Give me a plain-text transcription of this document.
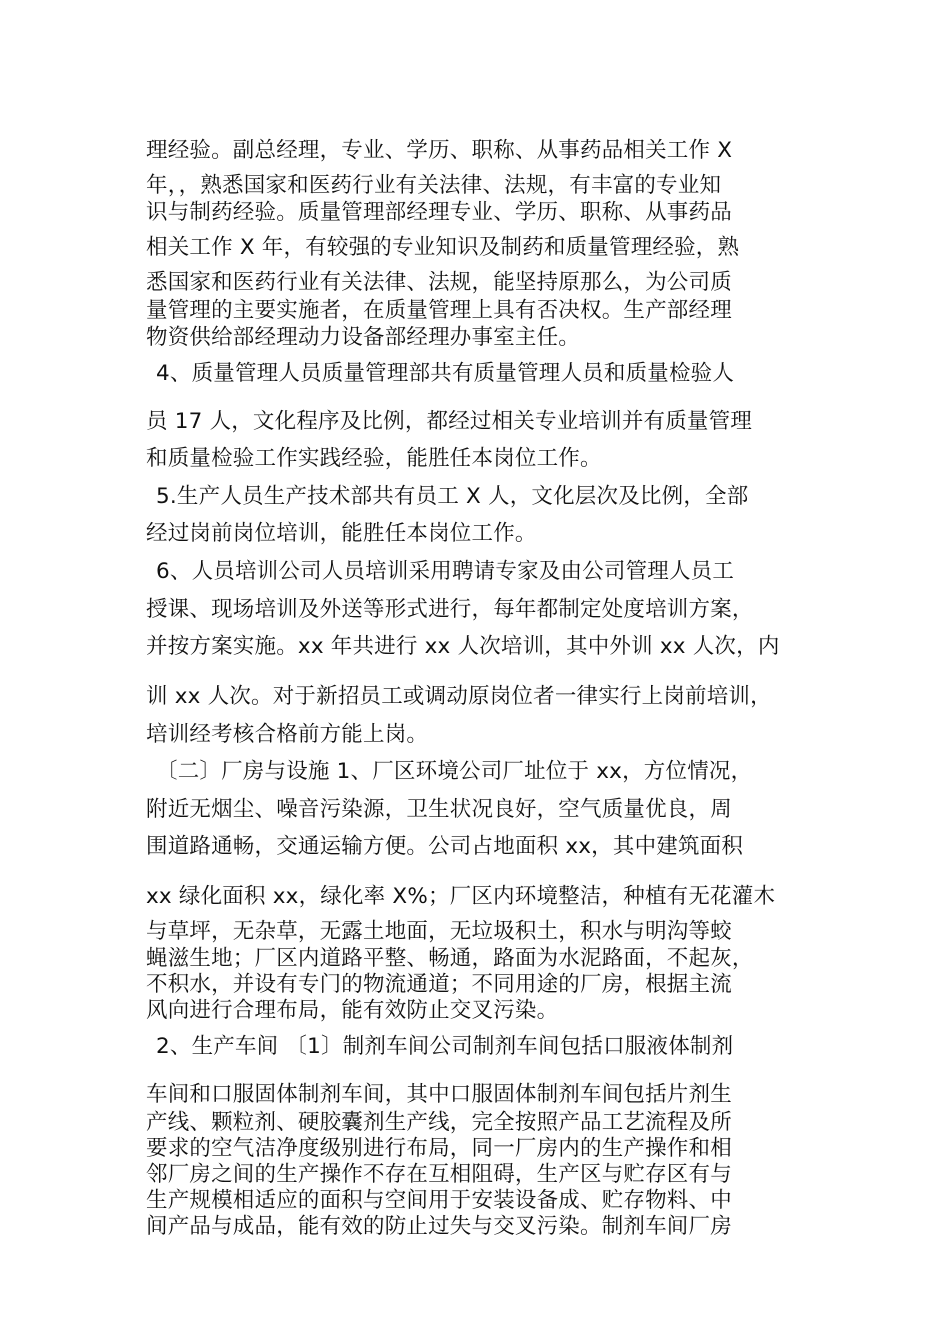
理经验。副总经理，专业、学历、职称、从事药品相关工作 X
年，，熟悉国家和医药行业有关法律、法规，有丰富的专业知
识与制药经验。质量管理部经理专业、学历、职称、从事药品
相关工作 X 年，有较强的专业知识及制药和质量管理经验，熟
悉国家和医药行业有关法律、法规，能坚持原那么，为公司质
量管理的主要实施者，在质量管理上具有否决权。生产部经理
物资供给部经理动力设备部经理办事室主任。
4、质量管理人员质量管理部共有质量管理人员和质量检验人
员 17 人，文化程序及比例，都经过相关专业培训并有质量管理
和质量检验工作实践经验，能胜任本岗位工作。
5.生产人员生产技术部共有员工 X 人，文化层次及比例，全部
经过岗前岗位培训，能胜任本岗位工作。
6、人员培训公司人员培训采用聘请专家及由公司管理人员工
授课、现场培训及外送等形式进行，每年都制定处度培训方案，
并按方案实施。xx 年共进行 xx 人次培训，其中外训 xx 人次，内
训 xx 人次。对于新招员工或调动原岗位者一律实行上岗前培训，
培训经考核合格前方能上岗。
〔二〕厂房与设施 1、厂区环境公司厂址位于 xx，方位情况，
附近无烟尘、噪音污染源，卫生状况良好，空气质量优良，周
围道路通畅，交通运输方便。公司占地面积 xx，其中建筑面积
xx 绿化面积 xx，绿化率 X%；厂区内环境整洁，种植有无花灌木
与草坪，无杂草，无露土地面，无垃圾积土，积水与明沟等蛟
蝇滋生地；厂区内道路平整、畅通，路面为水泥路面，不起灰，
不积水，并设有专门的物流通道；不同用途的厂房，根据主流
风向进行合理布局，能有效防止交叉污染。
2、生产车间 〔1〕制剂车间公司制剂车间包括口服液体制剂
车间和口服固体制剂车间，其中口服固体制剂车间包括片剂生
产线、颗粒剂、硬胶囊剂生产线，完全按照产品工艺流程及所
要求的空气洁净度级别进行布局，同一厂房内的生产操作和相
邻厂房之间的生产操作不存在互相阻碍，生产区与贮存区有与
生产规模相适应的面积与空间用于安装设备成、贮存物料、中
间产品与成品，能有效的防止过失与交叉污染。制剂车间厂房
